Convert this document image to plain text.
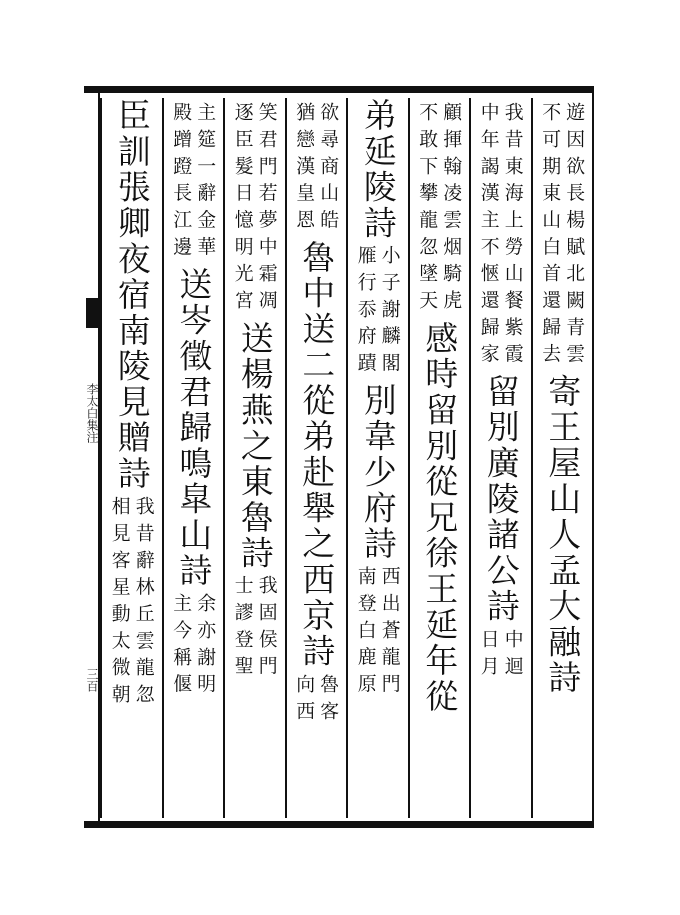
李太白集注
三百
遊因欲長楊賦北闕青雲
不可期東山白首還歸去
寄王屋山人孟大融詩
我昔東海上勞山餐紫霞
中年謁漢主不愜還歸家
留別廣陵諸公詩
中迴
日月
顧揮翰凌雲烟騎虎
不敢下攀龍忽墜天
感時留別從兄徐王延年從
弟延陵詩
小子謝麟閣
雁行忝府蹟
別韋少府詩
西出蒼龍門
南登白鹿原
欲尋商山皓
猶戀漢皇恩
魯中送二從弟赴舉之西京詩
魯客
向西
笑君門若夢中霜凋
逐臣髮日憶明光宮
送楊燕之東魯詩
我固侯門
士謬登聖
主筵一辭金華
殿蹭蹬長江邊
送岑徵君歸鳴皐山詩
余亦謝明
主今稱偃
臣
訓張卿夜宿南陵見贈詩
我昔辭林丘雲龍忽
相見客星動太微朝
